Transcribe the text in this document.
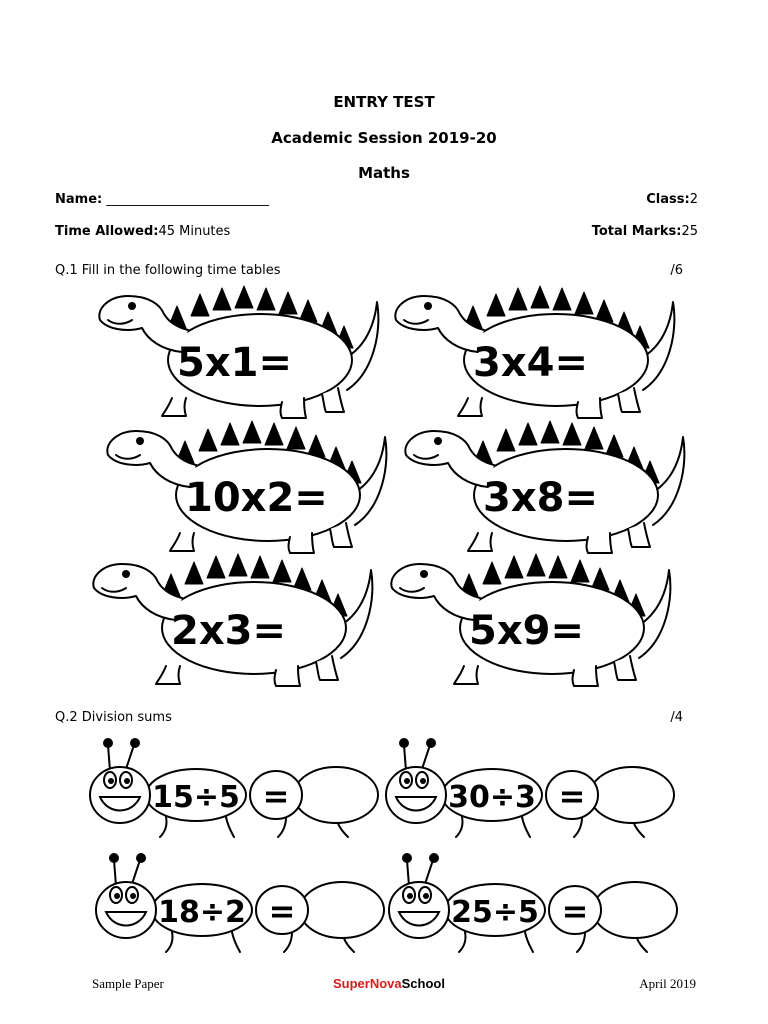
ENTRY TEST
Academic Session 2019-20
Maths
Name: _________________________	Class:2
Time Allowed:45 Minutes	Total Marks:25
Q.1 Fill in the following time tables	/6
5x1=	3x4=
10x2=	3x8=
2x3=	5x9=
Q.2 Division sums	/4
15÷5 =	30÷3 =
18÷2 =	25÷5 =
Sample Paper	SuperNovaSchool	April 2019
